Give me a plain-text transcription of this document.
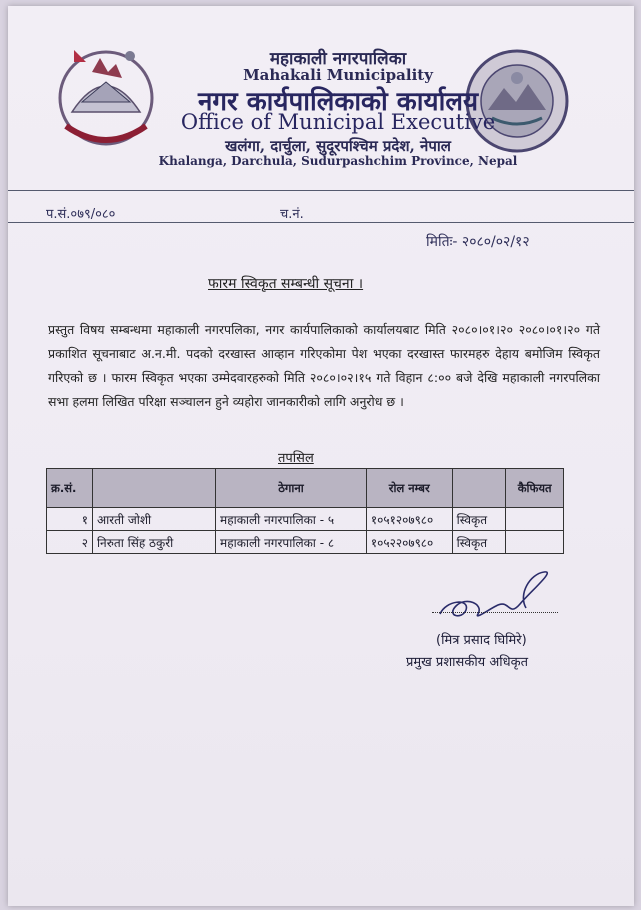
महाकाली नगरपालिका
Mahakali Municipality
नगर कार्यपालिकाको कार्यालय
Office of Municipal Executive
खलंगा, दार्चुला, सुदूरपश्चिम प्रदेश, नेपाल
Khalanga, Darchula, Sudurpashchim Province, Nepal
प.सं.०७९/०८०	च.नं.
मितिः- २०८०/०२/१२
फारम स्विकृत सम्बन्धी सूचना ।
प्रस्तुत विषय सम्बन्धमा महाकाली नगरपलिका, नगर कार्यपालिकाको कार्यालयबाट मिति २०८०।०१।२० २०८०।०१।२० गते प्रकाशित सूचनाबाट अ.न.मी. पदको दरखास्त आव्हान गरिएकोमा पेश भएका दरखास्त फारमहरु देहाय बमोजिम स्विकृत गरिएको छ । फारम स्विकृत भएका उम्मेदवारहरुको मिति २०८०।०२।१५ गते विहान ८:०० बजे देखि महाकाली नगरपलिका सभा हलमा लिखित परिक्षा सञ्चालन हुने व्यहोरा जानकारीको लागि अनुरोध छ ।
तपसिल
क्र.सं.		ठेगाना	रोल नम्बर		कैफियत
१	आरती जोशी	महाकाली नगरपालिका - ५	१०५१२०७९८०	स्विकृत	
२	निरुता सिंह ठकुरी	महाकाली नगरपालिका - ८	१०५२२०७९८०	स्विकृत	
(मित्र प्रसाद घिमिरे)
प्रमुख प्रशासकीय अधिकृत
